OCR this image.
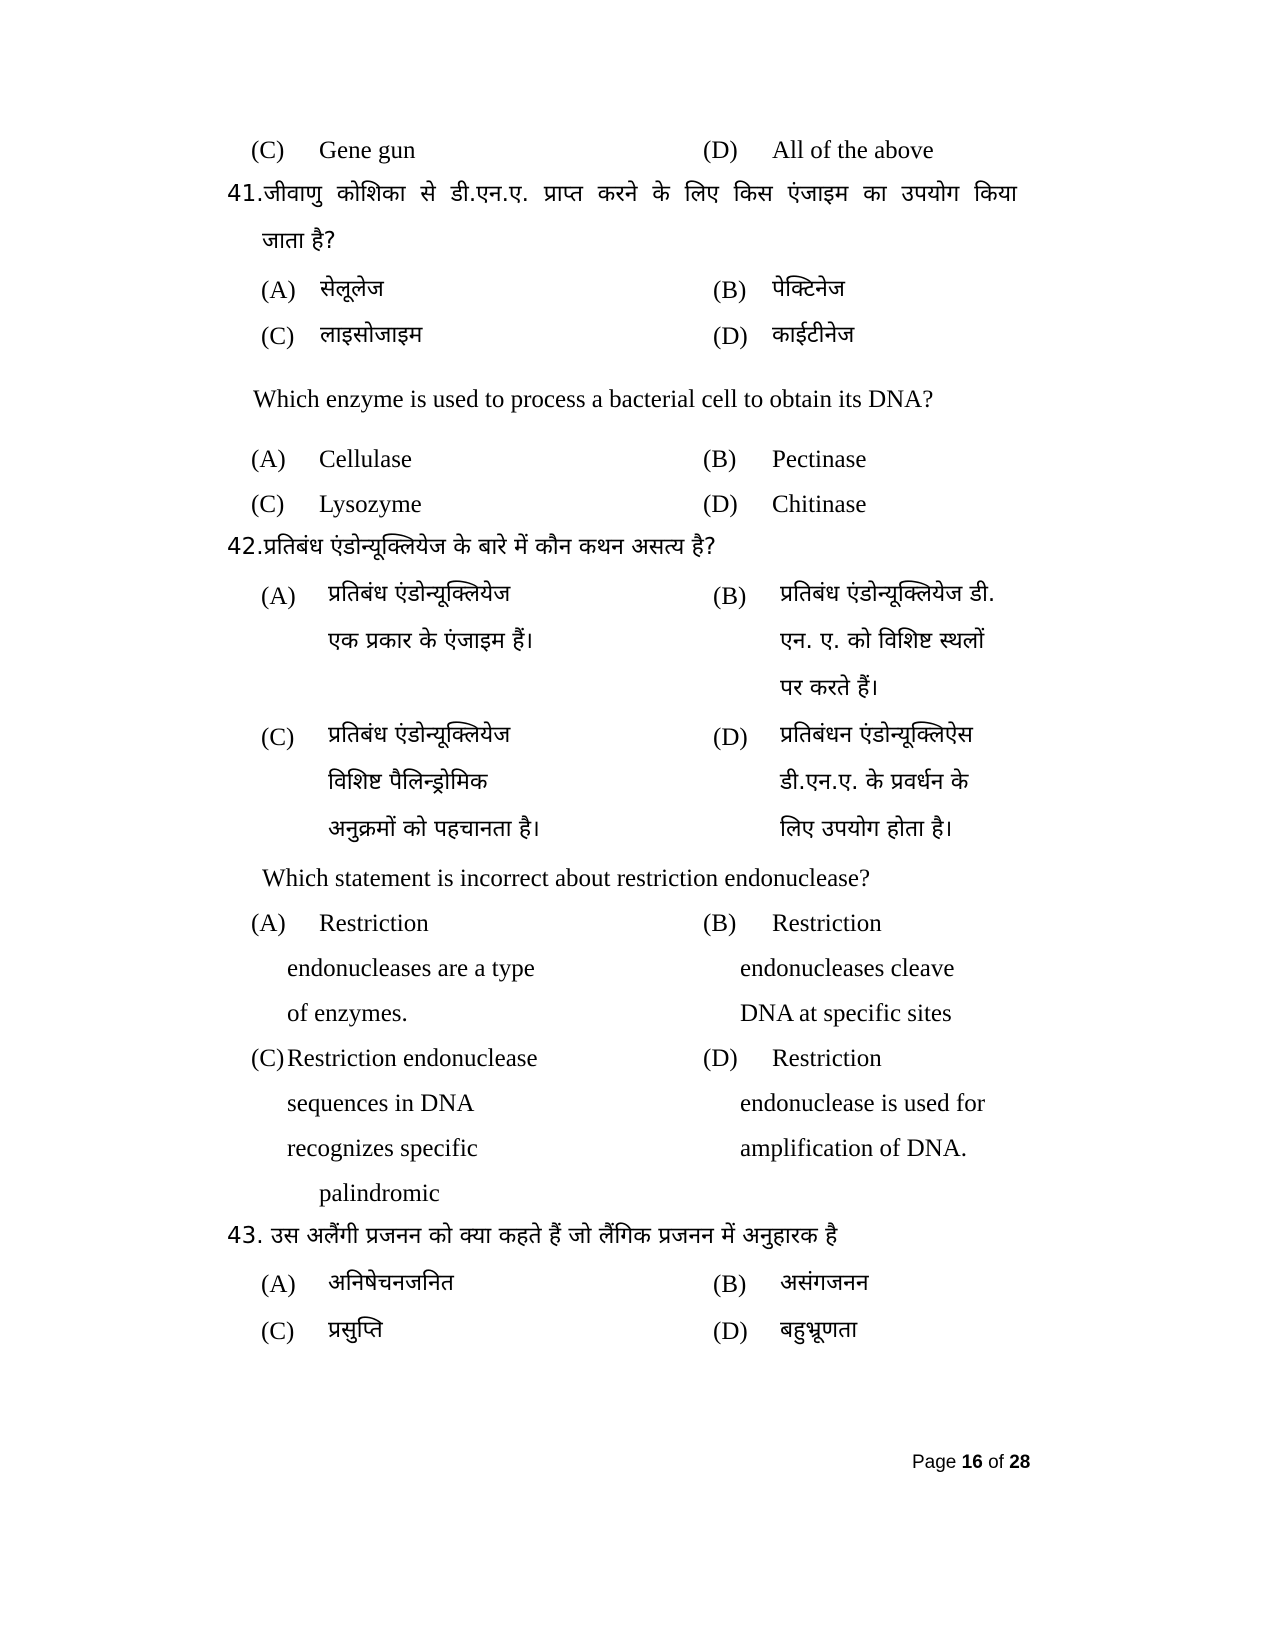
(C) Gene gun	(D) All of the above
41.जीवाणु कोशिका से डी.एन.ए. प्राप्त करने के लिए किस एंजाइम का उपयोग किया
जाता है?
(A) सेलूलेज	(B) पेक्टिनेज
(C) लाइसोजाइम	(D) काईटीनेज
Which enzyme is used to process a bacterial cell to obtain its DNA?
(A) Cellulase	(B) Pectinase
(C) Lysozyme	(D) Chitinase
42.प्रतिबंध एंडोन्यूक्लियेज के बारे में कौन कथन असत्य है?
(A) प्रतिबंध एंडोन्यूक्लियेज
एक प्रकार के एंजाइम हैं।
(B) प्रतिबंध एंडोन्यूक्लियेज डी.
एन. ए. को विशिष्ट स्थलों
पर करते हैं।
(C) प्रतिबंध एंडोन्यूक्लियेज
विशिष्ट पैलिन्ड्रोमिक
अनुक्रमों को पहचानता है।
(D) प्रतिबंधन एंडोन्यूक्लिऐस
डी.एन.ए. के प्रवर्धन के
लिए उपयोग होता है।
Which statement is incorrect about restriction endonuclease?
(A) Restriction
endonucleases are a type
of enzymes.
(B) Restriction
endonucleases cleave
DNA at specific sites
(C) Restriction endonuclease
sequences in DNA
recognizes specific
palindromic
(D) Restriction
endonuclease is used for
amplification of DNA.
43. उस अलैंगी प्रजनन को क्या कहते हैं जो लैंगिक प्रजनन में अनुहारक है
(A) अनिषेचनजनित	(B) असंगजनन
(C) प्रसुप्ति	(D) बहुभ्रूणता
Page 16 of 28
